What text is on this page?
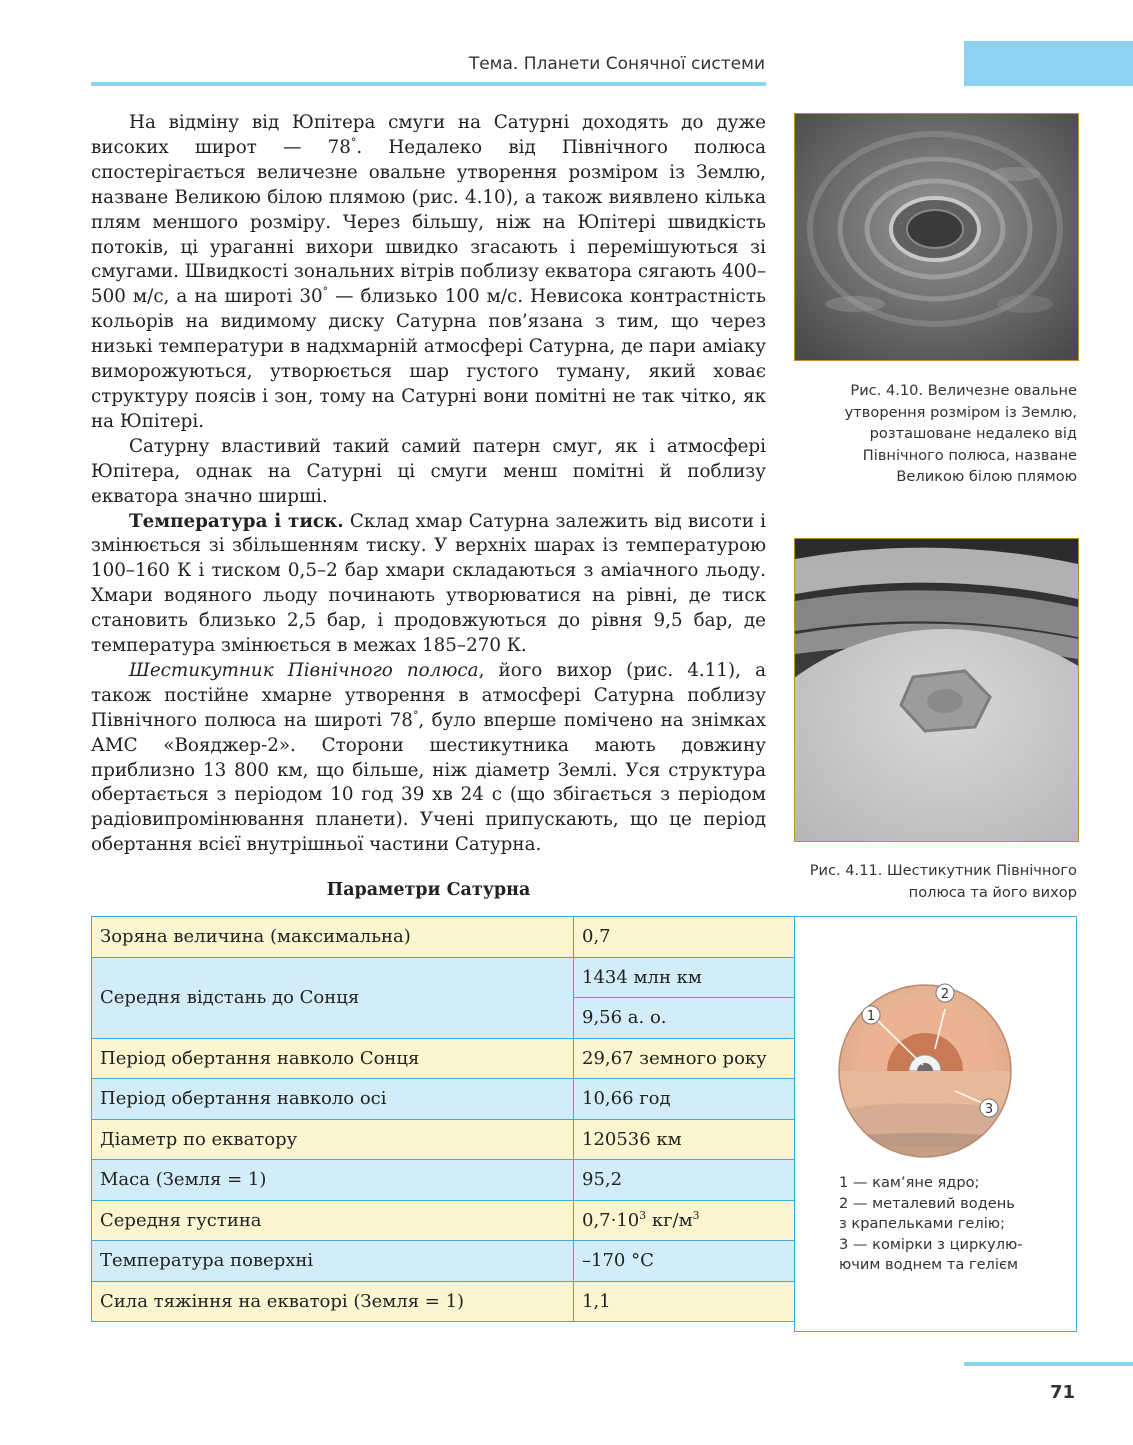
Тема. Планети Сонячної системи

На відміну від Юпітера смуги на Сатурні доходять до дуже високих широт — 78°. Недалеко від Північного полюса спостерігається величезне овальне утворення розміром із Землю, назване Великою білою плямою (рис. 4.10), а також виявлено кілька плям меншого розміру. Через більшу, ніж на Юпітері швидкість потоків, ці ураганні вихори швидко згасають і перемішуються зі смугами. Швидкості зональних вітрів поблизу екватора сягають 400–500 м/с, а на широті 30° — близько 100 м/с. Невисока контрастність кольорів на видимому диску Сатурна пов’язана з тим, що через низькі температури в надхмарній атмосфері Сатурна, де пари аміаку виморожуються, утворюється шар густого туману, який ховає структуру поясів і зон, тому на Сатурні вони помітні не так чітко, як на Юпітері.

Сатурну властивий такий самий патерн смуг, як і атмосфері Юпітера, однак на Сатурні ці смуги менш помітні й поблизу екватора значно ширші.

Температура і тиск. Склад хмар Сатурна залежить від висоти і змінюється зі збільшенням тиску. У верхніх шарах із температурою 100–160 К і тиском 0,5–2 бар хмари складаються з аміачного льоду. Хмари водяного льоду починають утворюватися на рівні, де тиск становить близько 2,5 бар, і продовжуються до рівня 9,5 бар, де температура змінюється в межах 185–270 К.

Шестикутник Північного полюса, його вихор (рис. 4.11), а також постійне хмарне утворення в атмосфері Сатурна поблизу Північного полюса на широті 78°, було вперше помічено на знімках АМС «Вояджер-2». Сторони шестикутника мають довжину приблизно 13 800 км, що більше, ніж діаметр Землі. Уся структура обертається з періодом 10 год 39 хв 24 с (що збігається з періодом радіовипромінювання планети). Учені припускають, що це період обертання всієї внутрішньої частини Сатурна.

Рис. 4.10. Величезне овальне
утворення розміром із Землю,
розташоване недалеко від
Північного полюса, назване
Великою білою плямою
Рис. 4.11. Шестикутник Північного
полюса та його вихор
Параметри Сатурна
Зоряна величина (максимальна)	0,7
Середня відстань до Сонця	1434 млн км
	9,56 а. о.
Період обертання навколо Сонця	29,67 земного року
Період обертання навколо осі	10,66 год
Діаметр по екватору	120536 км
Маса (Земля = 1)	95,2
Середня густина	$0,7\cdot 10^3$ $кг/м^3$
Температура поверхні	–170 °С
Сила тяжіння на екваторі (Земля = 1)	1,1
1
2
3
1 — кам’яне ядро;
2 — металевий водень
з крапельками гелію;
3 — комірки з циркулю-
ючим воднем та гелієм
71
